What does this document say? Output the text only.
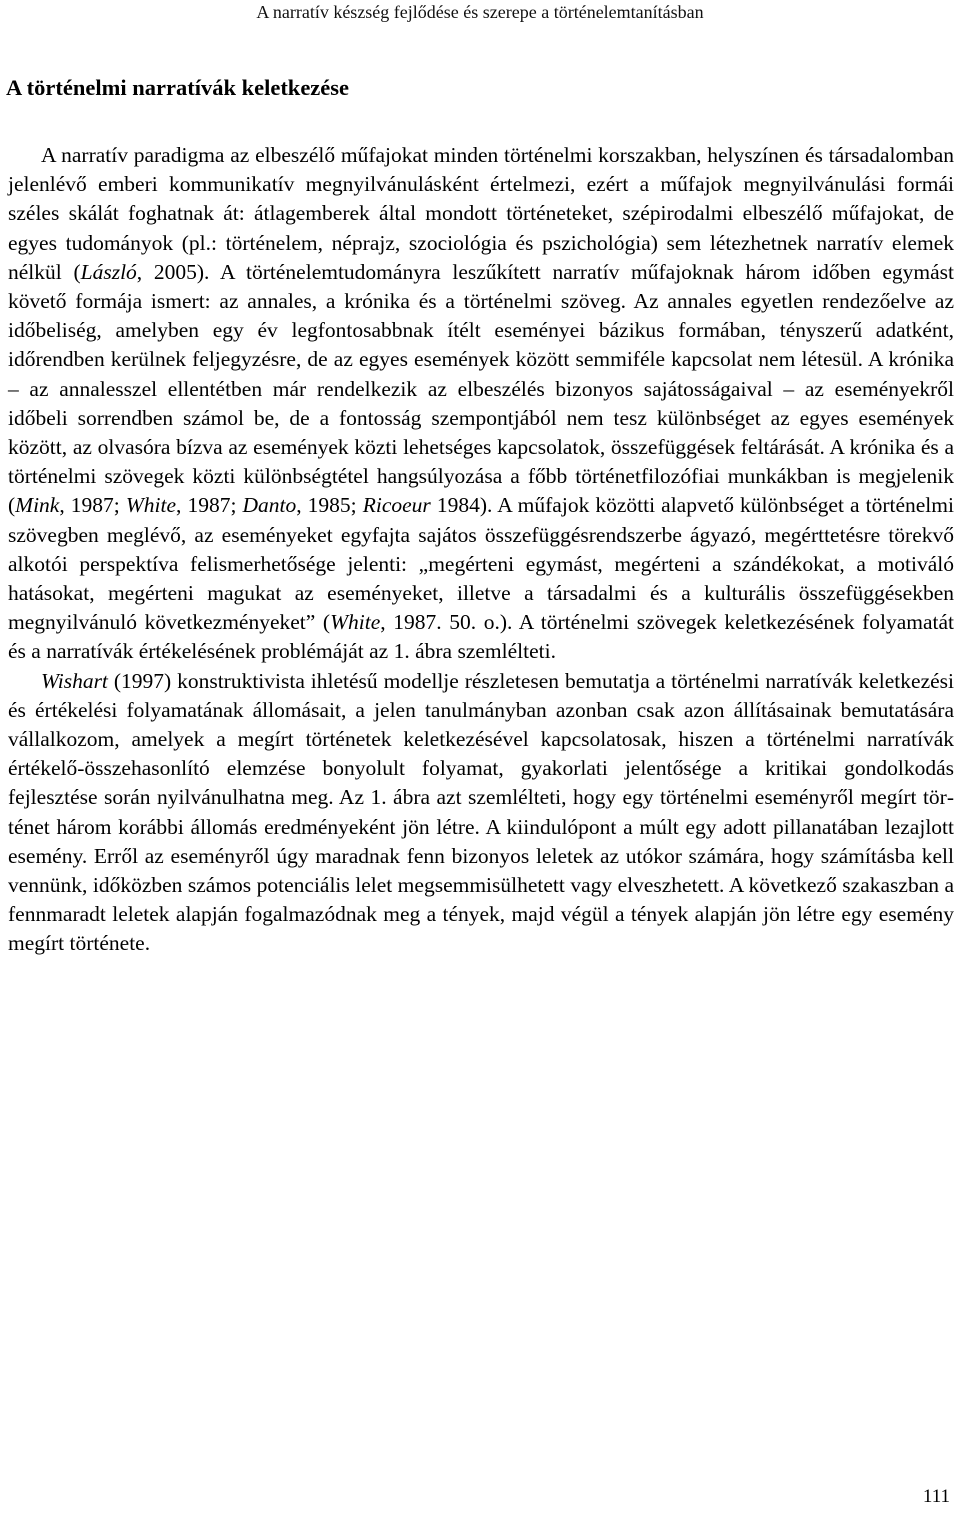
A narratív készség fejlődése és szerepe a történelemtanításban
A történelmi narratívák keletkezése

A narratív paradigma az elbeszélő műfajokat minden történelmi korszakban, helyszínen és társadalomban jelenlévő emberi kommunikatív megnyilvánulásként értelmezi, ezért a műfajok megnyilvánulási formái széles skálát foghatnak át: átlagemberek által mondott történeteket, szépirodalmi elbeszélő műfajokat, de egyes tudományok (pl.: történelem, néprajz, szociológia és pszichológia) sem létezhetnek narratív elemek nélkül (László, 2005). A történelemtudományra leszűkített narratív műfajoknak három időben egymást követő formája ismert: az annales, a krónika és a történelmi szöveg. Az annales egyetlen rendezőelve az időbeliség, amelyben egy év legfontosabbnak ítélt eseményei bázikus formában, tényszerű adatként, időrendben kerülnek feljegyzésre, de az egyes események között semmiféle kapcsolat nem létesül. A krónika – az annalesszel ellentétben már rendelkezik az elbeszélés bizonyos sajátosságaival – az eseményekről időbeli sorrendben számol be, de a fontosság szempontjából nem tesz különbséget az egyes események között, az olvasóra bízva az események közti lehetséges kapcsolatok, összefüggések feltárását. A krónika és a történelmi szövegek közti különbségtétel hangsúlyozása a főbb történetfilozófiai munkákban is megjelenik (Mink, 1987; White, 1987; Danto, 1985; Ricoeur 1984). A műfajok közötti alapvető különbséget a történelmi szövegben meglévő, az eseményeket egyfajta sajátos összefüggésrendszerbe ágyazó, megérttetésre törekvő alkotói perspektíva felismerhetősége jelenti: „megérteni egymást, megérteni a szándékokat, a motiváló hatásokat, megérteni magukat az eseményeket, illetve a társadalmi és a kulturális összefüggésekben megnyilvánuló következményeket” (White, 1987. 50. o.). A történelmi szövegek keletkezésének folyamatát és a narratívák értékelésének problémáját az 1. ábra szemlélteti.

Wishart (1997) konstruktivista ihletésű modellje részletesen bemutatja a történelmi narratívák keletkezési és értékelési folyamatának állomásait, a jelen tanulmányban azonban csak azon állításainak bemutatására vállalkozom, amelyek a megírt történetek keletkezésével kapcsolatosak, hiszen a történelmi narratívák értékelő-összehasonlító elemzése bonyolult folyamat, gyakorlati jelentősége a kritikai gondolkodás fejlesztése során nyilvánulhatna meg. Az 1. ábra azt szemlélteti, hogy egy történelmi eseményről megírt történet három korábbi állomás eredményeként jön létre. A kiindulópont a múlt egy adott pillanatában lezajlott esemény. Erről az eseményről úgy maradnak fenn bizonyos leletek az utókor számára, hogy számításba kell vennünk, időközben számos potenciális lelet megsemmisülhetett vagy elveszhetett. A következő szakaszban a fennmaradt leletek alapján fogalmazódnak meg a tények, majd végül a tények alapján jön létre egy esemény megírt története.

111
